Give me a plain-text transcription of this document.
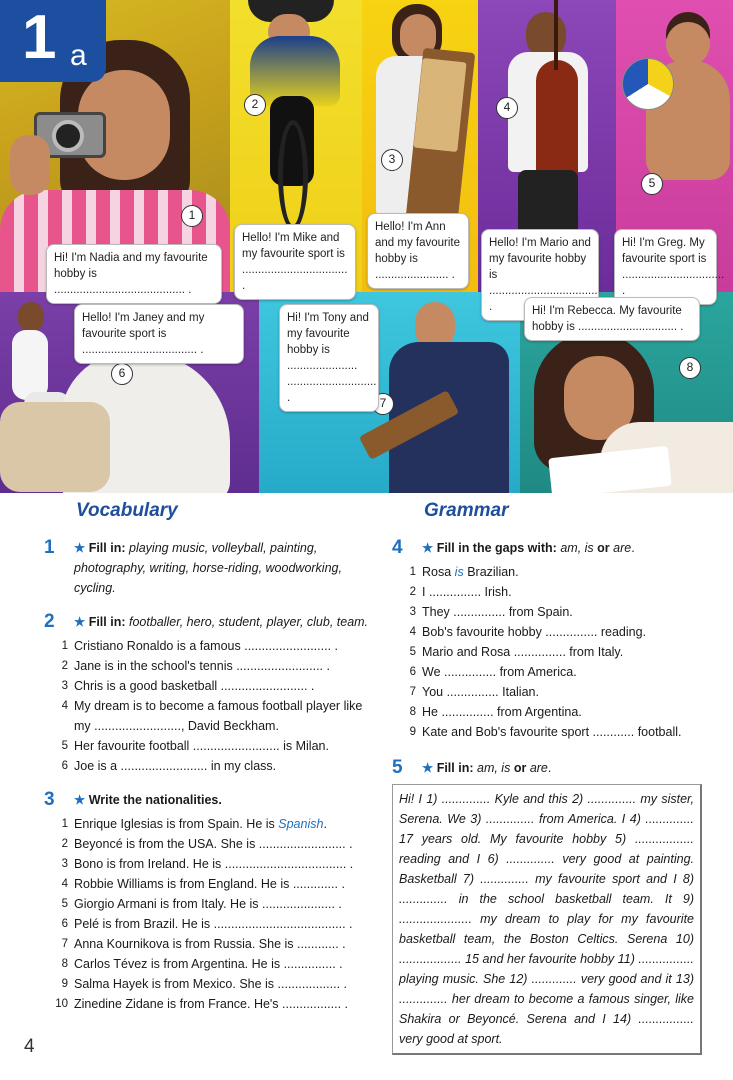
1 a
1
2
3
4
5
6
7
8
Hi! I'm Nadia and my favourite hobby is ......................................... .
Hello! I'm Mike and my favourite sport is ................................. .
Hello! I'm Ann and my favourite hobby is ....................... .
Hello! I'm Mario and my favourite hobby is .................................. .
Hi! I'm Greg. My favourite sport is ................................ .
Hello! I'm Janey and my favourite sport is .................................... .
Hi! I'm Tony and my favourite hobby is ...................... ............................ .
Hi! I'm Rebecca. My favourite hobby is ............................... .
Vocabulary
1 ★ Fill in: playing music, volleyball, painting, photography, writing, horse-riding, woodworking, cycling.
2 ★ Fill in: footballer, hero, student, player, club, team.
1 Cristiano Ronaldo is a famous ......................... .
2 Jane is in the school's tennis ......................... .
3 Chris is a good basketball ......................... .
4 My dream is to become a famous football player like my ........................., David Beckham.
5 Her favourite football ......................... is Milan.
6 Joe is a ......................... in my class.
3 ★ Write the nationalities.
1 Enrique Iglesias is from Spain. He is Spanish.
2 Beyoncé is from the USA. She is ......................... .
3 Bono is from Ireland. He is ................................... .
4 Robbie Williams is from England. He is ............. .
5 Giorgio Armani is from Italy. He is ..................... .
6 Pelé is from Brazil. He is ...................................... .
7 Anna Kournikova is from Russia. She is ............ .
8 Carlos Tévez is from Argentina. He is ............... .
9 Salma Hayek is from Mexico. She is .................. .
10 Zinedine Zidane is from France. He's ................. .
Grammar
4 ★ Fill in the gaps with: am, is or are.
1 Rosa is Brazilian.
2 I ............... Irish.
3 They ............... from Spain.
4 Bob's favourite hobby ............... reading.
5 Mario and Rosa ............... from Italy.
6 We ............... from America.
7 You ............... Italian.
8 He ............... from Argentina.
9 Kate and Bob's favourite sport ............ football.
5 ★ Fill in: am, is or are.
Hi! I 1) .............. Kyle and this 2) .............. my sister, Serena. We 3) .............. from America. I 4) .............. 17 years old. My favourite hobby 5) ................. reading and I 6) .............. very good at painting. Basketball 7) .............. my favourite sport and I 8) .............. in the school basketball team. It 9) ..................... my dream to play for my favourite basketball team, the Boston Celtics. Serena 10) .................. 15 and her favourite hobby 11) ................ playing music. She 12) ............. very good and it 13) .............. her dream to become a famous singer, like Shakira or Beyoncé. Serena and I 14) ................ very good at sport.
4
